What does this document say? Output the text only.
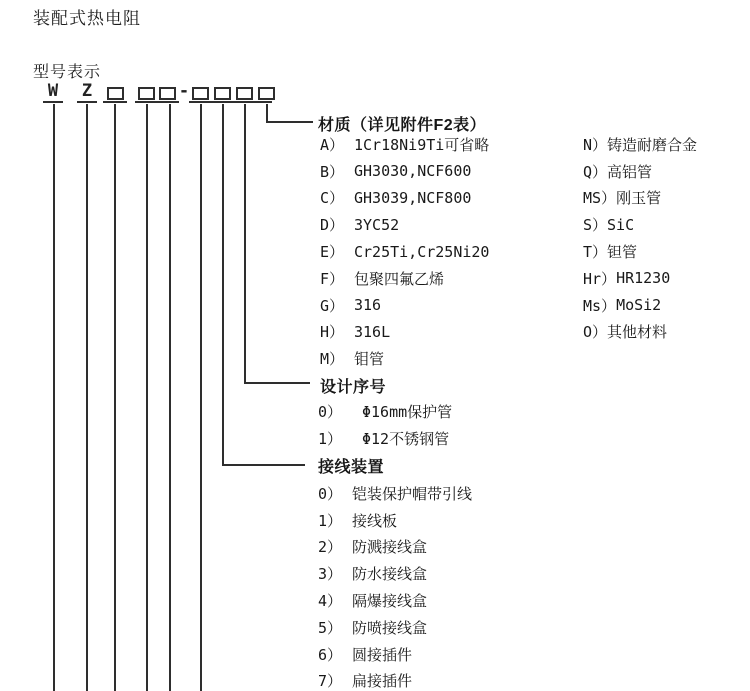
装配式热电阻
型号表示
W Z	-
材质（详见附件F2表）
A） 1Cr18Ni9Ti可省略
B） GH3030,NCF600
C） GH3039,NCF800
D） 3YC52
E） Cr25Ti,Cr25Ni20
F） 包聚四氟乙烯
G） 316
H） 316L
M） 钼管
N） 铸造耐磨合金
Q） 高铝管
MS） 刚玉管
S） SiC
T） 钽管
Hr） HR1230
Ms） MoSi2
O） 其他材料
设计序号
0）	Φ16mm保护管
1）	Φ12不锈钢管
接线装置
0） 铠装保护帽带引线
1） 接线板
2） 防溅接线盒
3） 防水接线盒
4） 隔爆接线盒
5） 防喷接线盒
6） 圆接插件
7） 扁接插件
